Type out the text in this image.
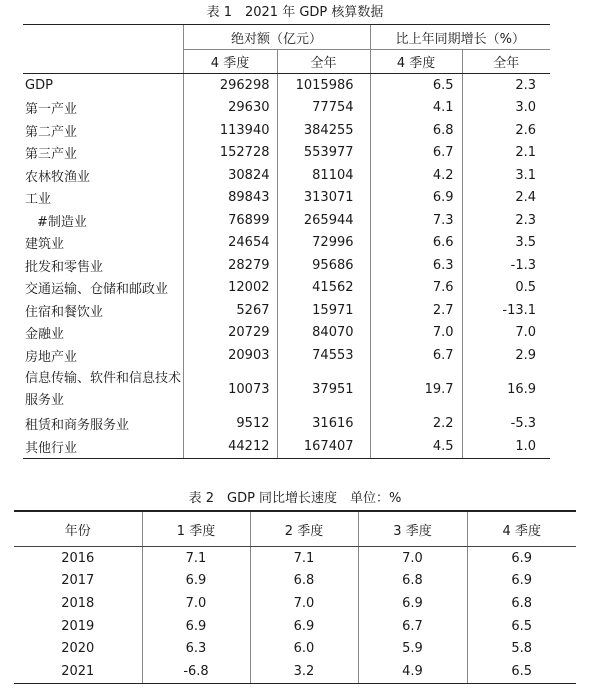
表 1　2021 年 GDP 核算数据
	绝对额（亿元）		比上年同期增长（%）	
	4 季度	全年	4 季度	全年
GDP	296298	1015986	6.5	2.3
第一产业	29630	77754	4.1	3.0
第二产业	113940	384255	6.8	2.6
第三产业	152728	553977	6.7	2.1
农林牧渔业	30824	81104	4.2	3.1
工业	89843	313071	6.9	2.4
#制造业	76899	265944	7.3	2.3
建筑业	24654	72996	6.6	3.5
批发和零售业	28279	95686	6.3	-1.3
交通运输、仓储和邮政业	12002	41562	7.6	0.5
住宿和餐饮业	5267	15971	2.7	-13.1
金融业	20729	84070	7.0	7.0
房地产业	20903	74553	6.7	2.9
信息传输、软件和信息技术服务业	10073	37951	19.7	16.9
租赁和商务服务业	9512	31616	2.2	-5.3
其他行业	44212	167407	4.5	1.0
表 2　GDP 同比增长速度　单位：%
年份	1 季度	2 季度	3 季度	4 季度
2016	7.1	7.1	7.0	6.9
2017	6.9	6.8	6.8	6.9
2018	7.0	7.0	6.9	6.8
2019	6.9	6.9	6.7	6.5
2020	6.3	6.0	5.9	5.8
2021	-6.8	3.2	4.9	6.5
